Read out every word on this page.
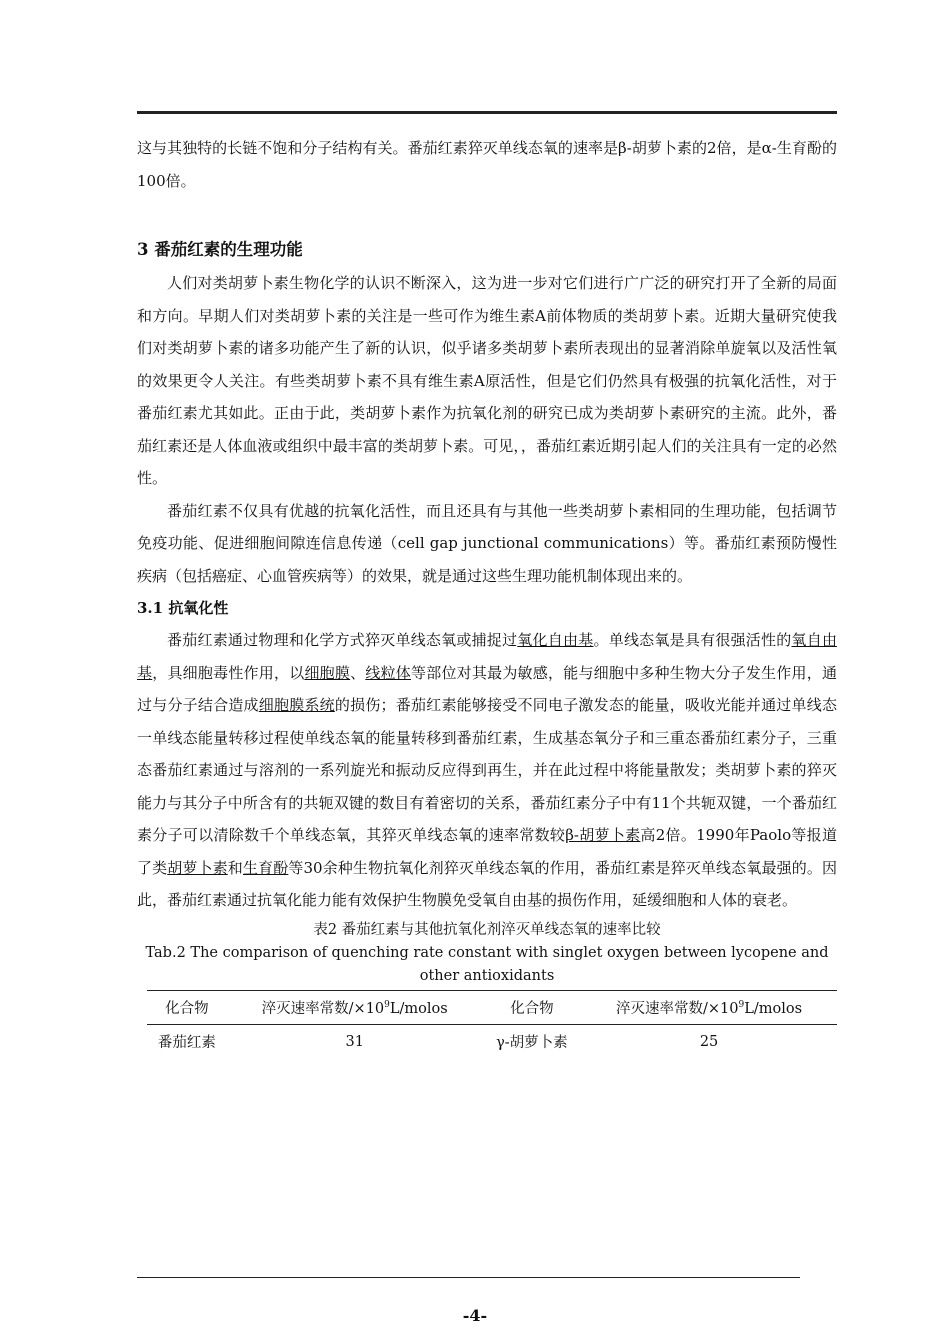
这与其独特的长链不饱和分子结构有关。番茄红素猝灭单线态氧的速率是β-胡萝卜素的2倍，是α-生育酚的100倍。

3 番茄红素的生理功能

人们对类胡萝卜素生物化学的认识不断深入，这为进一步对它们进行广广泛的研究打开了全新的局面和方向。早期人们对类胡萝卜素的关注是一些可作为维生素A前体物质的类胡萝卜素。近期大量研究使我们对类胡萝卜素的诸多功能产生了新的认识，似乎诸多类胡萝卜素所表现出的显著消除单旋氧以及活性氧的效果更令人关注。有些类胡萝卜素不具有维生素A原活性，但是它们仍然具有极强的抗氧化活性，对于番茄红素尤其如此。正由于此，类胡萝卜素作为抗氧化剂的研究已成为类胡萝卜素研究的主流。此外，番茄红素还是人体血液或组织中最丰富的类胡萝卜素。可见，，番茄红素近期引起人们的关注具有一定的必然性。

番茄红素不仅具有优越的抗氧化活性，而且还具有与其他一些类胡萝卜素相同的生理功能，包括调节免疫功能、促进细胞间隙连信息传递（cell gap junctional communications）等。番茄红素预防慢性疾病（包括癌症、心血管疾病等）的效果，就是通过这些生理功能机制体现出来的。

3.1 抗氧化性

番茄红素通过物理和化学方式猝灭单线态氧或捕捉过氧化自由基。单线态氧是具有很强活性的氧自由基，具细胞毒性作用，以细胞膜、线粒体等部位对其最为敏感，能与细胞中多种生物大分子发生作用，通过与分子结合造成细胞膜系统的损伤；番茄红素能够接受不同电子激发态的能量，吸收光能并通过单线态一单线态能量转移过程使单线态氧的能量转移到番茄红素，生成基态氧分子和三重态番茄红素分子，三重态番茄红素通过与溶剂的一系列旋光和振动反应得到再生，并在此过程中将能量散发；类胡萝卜素的猝灭能力与其分子中所含有的共轭双键的数目有着密切的关系，番茄红素分子中有11个共轭双键，一个番茄红素分子可以清除数千个单线态氧，其猝灭单线态氧的速率常数较β-胡萝卜素高2倍。1990年Paolo等报道了类胡萝卜素和生育酚等30余种生物抗氧化剂猝灭单线态氧的作用，番茄红素是猝灭单线态氧最强的。因此，番茄红素通过抗氧化能力能有效保护生物膜免受氧自由基的损伤作用，延缓细胞和人体的衰老。

表2 番茄红素与其他抗氧化剂淬灭单线态氧的速率比较
Tab.2 The comparison of quenching rate constant with singlet oxygen between lycopene and other antioxidants
化合物	淬灭速率常数$/\times 10^9L$/molos	化合物	淬灭速率常数$/\times 10^9L$/molos
番茄红素	31	γ-胡萝卜素	25
-4-
